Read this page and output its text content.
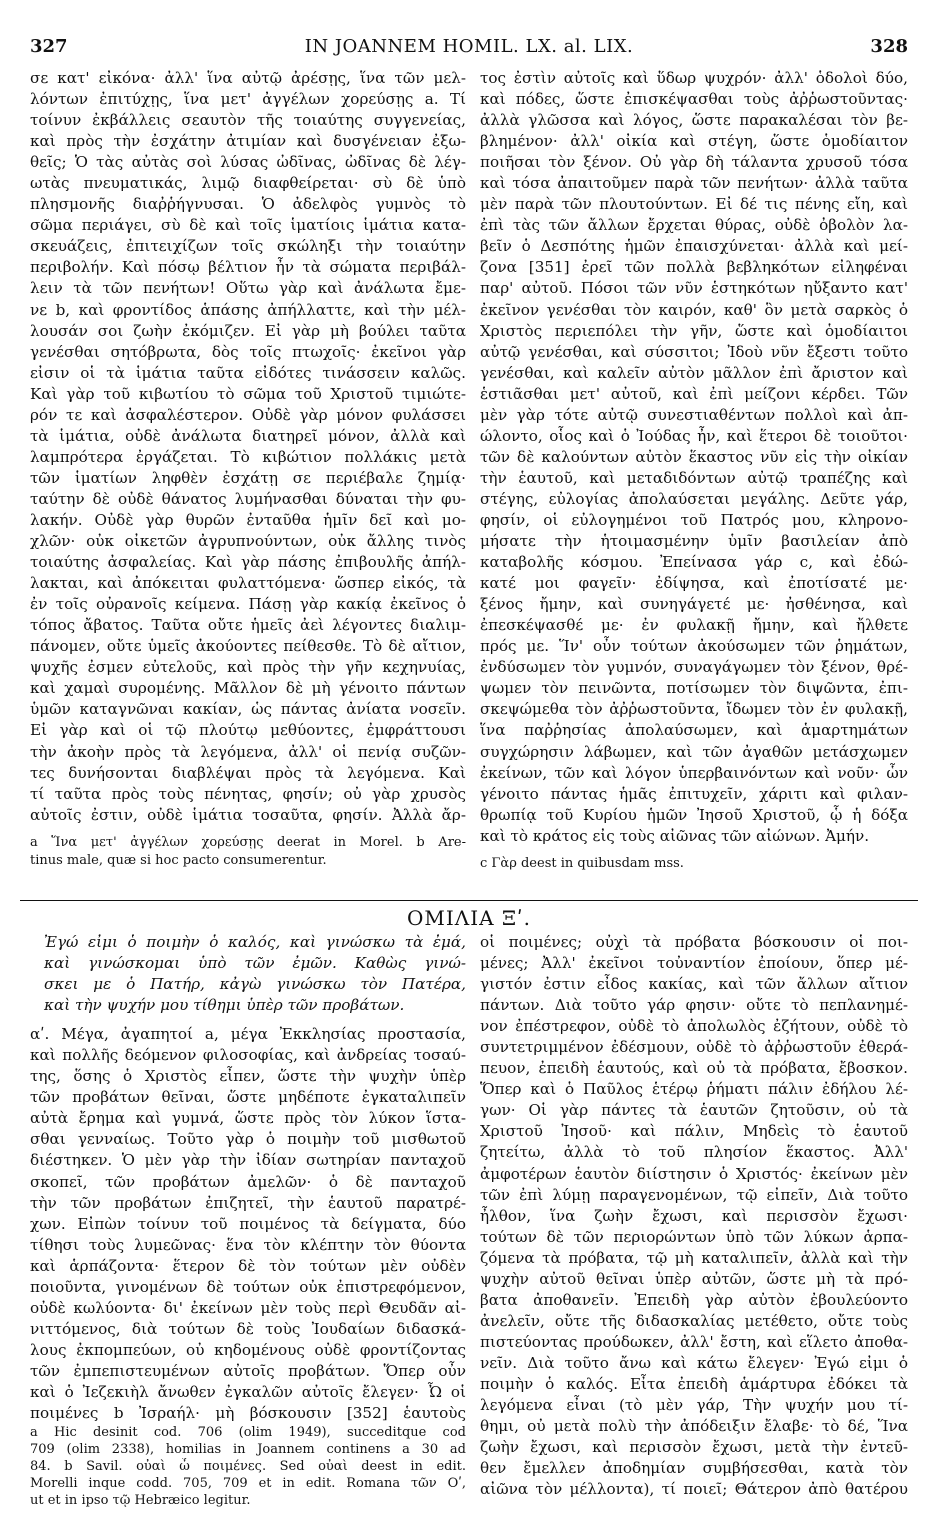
327	IN JOANNEM HOMIL. LX. al. LIX.	328

σε κατ' εἰκόνα· ἀλλ' ἵνα αὐτῷ ἀρέσῃς, ἵνα τῶν μελ-

λόντων ἐπιτύχῃς, ἵνα μετ' ἀγγέλων χορεύσῃς a. Τί

τοίνυν ἐκβάλλεις σεαυτὸν τῆς τοιαύτης συγγενείας,

καὶ πρὸς τὴν ἐσχάτην ἀτιμίαν καὶ δυσγένειαν ἐξω-

θεῖς; Ὁ τὰς αὐτὰς σοὶ λύσας ὠδῖνας, ὠδῖνας δὲ λέγ-

ωτὰς πνευματικάς, λιμῷ διαφθείρεται· σὺ δὲ ὑπὸ

πλησμονῆς διαῤῥήγνυσαι. Ὁ ἀδελφὸς γυμνὸς τὸ

σῶμα περιάγει, σὺ δὲ καὶ τοῖς ἱματίοις ἱμάτια κατα-

σκευάζεις, ἐπιτειχίζων τοῖς σκώληξι τὴν τοιαύτην

περιβολήν. Καὶ πόσῳ βέλτιον ἦν τὰ σώματα περιβάλ-

λειν τὰ τῶν πενήτων! Οὕτω γὰρ καὶ ἀνάλωτα ἔμε-

νε b, καὶ φροντίδος ἁπάσης ἀπήλλαττε, καὶ τὴν μέλ-

λουσάν σοι ζωὴν ἐκόμιζεν. Εἰ γὰρ μὴ βούλει ταῦτα

γενέσθαι σητόβρωτα, δὸς τοῖς πτωχοῖς· ἐκεῖνοι γὰρ

εἰσιν οἱ τὰ ἱμάτια ταῦτα εἰδότες τινάσσειν καλῶς.

Καὶ γὰρ τοῦ κιβωτίου τὸ σῶμα τοῦ Χριστοῦ τιμιώτε-

ρόν τε καὶ ἀσφαλέστερον. Οὐδὲ γὰρ μόνον φυλάσσει

τὰ ἱμάτια, οὐδὲ ἀνάλωτα διατηρεῖ μόνον, ἀλλὰ καὶ

λαμπρότερα ἐργάζεται. Τὸ κιβώτιον πολλάκις μετὰ

τῶν ἱματίων ληφθὲν ἐσχάτῃ σε περιέβαλε ζημίᾳ·

ταύτην δὲ οὐδὲ θάνατος λυμήνασθαι δύναται τὴν φυ-

λακήν. Οὐδὲ γὰρ θυρῶν ἐνταῦθα ἡμῖν δεῖ καὶ μο-

χλῶν· οὐκ οἰκετῶν ἀγρυπνούντων, οὐκ ἄλλης τινὸς

τοιαύτης ἀσφαλείας. Καὶ γὰρ πάσης ἐπιβουλῆς ἀπήλ-

λακται, καὶ ἀπόκειται φυλαττόμενα· ὥσπερ εἰκός, τὰ

ἐν τοῖς οὐρανοῖς κείμενα. Πάσῃ γὰρ κακίᾳ ἐκεῖνος ὁ

τόπος ἄβατος. Ταῦτα οὔτε ἡμεῖς ἀεὶ λέγοντες διαλιμ-

πάνομεν, οὔτε ὑμεῖς ἀκούοντες πείθεσθε. Τὸ δὲ αἴτιον,

ψυχῆς ἐσμεν εὐτελοῦς, καὶ πρὸς τὴν γῆν κεχηνυίας,

καὶ χαμαὶ συρομένης. Μᾶλλον δὲ μὴ γένοιτο πάντων

ὑμῶν καταγνῶναι κακίαν, ὡς πάντας ἀνίατα νοσεῖν.

Εἰ γὰρ καὶ οἱ τῷ πλούτῳ μεθύοντες, ἐμφράττουσι

τὴν ἀκοὴν πρὸς τὰ λεγόμενα, ἀλλ' οἱ πενίᾳ συζῶν-

τες δυνήσονται διαβλέψαι πρὸς τὰ λεγόμενα. Καὶ

τί ταῦτα πρὸς τοὺς πένητας, φησίν; οὐ γὰρ χρυσὸς

αὐτοῖς ἐστιν, οὐδὲ ἱμάτια τοσαῦτα, φησίν. Ἀλλὰ ἄρ-

a Ἵνα μετ' ἀγγέλων χορεύσῃς deerat in Morel. b Are-

tinus male, quæ si hoc pacto consumerentur.

τος ἐστὶν αὐτοῖς καὶ ὕδωρ ψυχρόν· ἀλλ' ὁδολοὶ δύο,

καὶ πόδες, ὥστε ἐπισκέψασθαι τοὺς ἀῤῥωστοῦντας·

ἀλλὰ γλῶσσα καὶ λόγος, ὥστε παρακαλέσαι τὸν βε-

βλημένον· ἀλλ' οἰκία καὶ στέγη, ὥστε ὁμοδίαιτον

ποιῆσαι τὸν ξένον. Οὐ γὰρ δὴ τάλαντα χρυσοῦ τόσα

καὶ τόσα ἀπαιτοῦμεν παρὰ τῶν πενήτων· ἀλλὰ ταῦτα

μὲν παρὰ τῶν πλουτούντων. Εἰ δέ τις πένης εἴη, καὶ

ἐπὶ τὰς τῶν ἄλλων ἔρχεται θύρας, οὐδὲ ὀβολὸν λα-

βεῖν ὁ Δεσπότης ἡμῶν ἐπαισχύνεται· ἀλλὰ καὶ μεί-

ζονα [351] ἐρεῖ τῶν πολλὰ βεβληκότων εἰληφέναι

παρ' αὐτοῦ. Πόσοι τῶν νῦν ἑστηκότων ηὔξαντο κατ'

ἐκεῖνον γενέσθαι τὸν καιρόν, καθ' ὃν μετὰ σαρκὸς ὁ

Χριστὸς περιεπόλει τὴν γῆν, ὥστε καὶ ὁμοδίαιτοι

αὐτῷ γενέσθαι, καὶ σύσσιτοι; Ἰδοὺ νῦν ἔξεστι τοῦτο

γενέσθαι, καὶ καλεῖν αὐτὸν μᾶλλον ἐπὶ ἄριστον καὶ

ἑστιᾶσθαι μετ' αὐτοῦ, καὶ ἐπὶ μείζονι κέρδει. Τῶν

μὲν γὰρ τότε αὐτῷ συνεστιαθέντων πολλοὶ καὶ ἀπ-

ώλοντο, οἷος καὶ ὁ Ἰούδας ἦν, καὶ ἕτεροι δὲ τοιοῦτοι·

τῶν δὲ καλούντων αὐτὸν ἕκαστος νῦν εἰς τὴν οἰκίαν

τὴν ἑαυτοῦ, καὶ μεταδιδόντων αὐτῷ τραπέζης καὶ

στέγης, εὐλογίας ἀπολαύσεται μεγάλης. Δεῦτε γάρ,

φησίν, οἱ εὐλογημένοι τοῦ Πατρός μου, κληρονο-

μήσατε τὴν ἡτοιμασμένην ὑμῖν βασιλείαν ἀπὸ

καταβολῆς κόσμου. Ἐπείνασα γάρ c, καὶ ἐδώ-

κατέ μοι φαγεῖν· ἐδίψησα, καὶ ἐποτίσατέ με·

ξένος ἤμην, καὶ συνηγάγετέ με· ἠσθένησα, καὶ

ἐπεσκέψασθέ με· ἐν φυλακῇ ἤμην, καὶ ἤλθετε

πρός με. Ἵν' οὖν τούτων ἀκούσωμεν τῶν ῥημάτων,

ἐνδύσωμεν τὸν γυμνόν, συναγάγωμεν τὸν ξένον, θρέ-

ψωμεν τὸν πεινῶντα, ποτίσωμεν τὸν διψῶντα, ἐπι-

σκεψώμεθα τὸν ἀῤῥωστοῦντα, ἴδωμεν τὸν ἐν φυλακῇ,

ἵνα παῤῥησίας ἀπολαύσωμεν, καὶ ἁμαρτημάτων

συγχώρησιν λάβωμεν, καὶ τῶν ἀγαθῶν μετάσχωμεν

ἐκείνων, τῶν καὶ λόγον ὑπερβαινόντων καὶ νοῦν· ὧν

γένοιτο πάντας ἡμᾶς ἐπιτυχεῖν, χάριτι καὶ φιλαν-

θρωπίᾳ τοῦ Κυρίου ἡμῶν Ἰησοῦ Χριστοῦ, ᾧ ἡ δόξα

καὶ τὸ κράτος εἰς τοὺς αἰῶνας τῶν αἰώνων. Ἀμήν.

c Γὰρ deest in quibusdam mss.

ΟΜΙΛΙΑ Ξʹ.

Ἐγώ εἰμι ὁ ποιμὴν ὁ καλός, καὶ γινώσκω τὰ ἐμά,

καὶ γινώσκομαι ὑπὸ τῶν ἐμῶν. Καθὼς γινώ-

σκει με ὁ Πατήρ, κἀγὼ γινώσκω τὸν Πατέρα,

καὶ τὴν ψυχήν μου τίθημι ὑπὲρ τῶν προβάτων.

αʹ. Μέγα, ἀγαπητοί a, μέγα Ἐκκλησίας προστασία,

καὶ πολλῆς δεόμενον φιλοσοφίας, καὶ ἀνδρείας τοσαύ-

της, ὅσης ὁ Χριστὸς εἶπεν, ὥστε τὴν ψυχὴν ὑπὲρ

τῶν προβάτων θεῖναι, ὥστε μηδέποτε ἐγκαταλιπεῖν

αὐτὰ ἔρημα καὶ γυμνά, ὥστε πρὸς τὸν λύκον ἵστα-

σθαι γενναίως. Τοῦτο γὰρ ὁ ποιμὴν τοῦ μισθωτοῦ

διέστηκεν. Ὁ μὲν γὰρ τὴν ἰδίαν σωτηρίαν πανταχοῦ

σκοπεῖ, τῶν προβάτων ἀμελῶν· ὁ δὲ πανταχοῦ

τὴν τῶν προβάτων ἐπιζητεῖ, τὴν ἑαυτοῦ παρατρέ-

χων. Εἰπὼν τοίνυν τοῦ ποιμένος τὰ δείγματα, δύο

τίθησι τοὺς λυμεῶνας· ἕνα τὸν κλέπτην τὸν θύοντα

καὶ ἁρπάζοντα· ἕτερον δὲ τὸν τούτων μὲν οὐδὲν

ποιοῦντα, γινομένων δὲ τούτων οὐκ ἐπιστρεφόμενον,

οὐδὲ κωλύοντα· δι' ἐκείνων μὲν τοὺς περὶ Θευδᾶν αἰ-

νιττόμενος, διὰ τούτων δὲ τοὺς Ἰουδαίων διδασκά-

λους ἐκπομπεύων, οὐ κηδομένους οὐδὲ φροντίζοντας

τῶν ἐμπεπιστευμένων αὐτοῖς προβάτων. Ὅπερ οὖν

καὶ ὁ Ἰεζεκιὴλ ἄνωθεν ἐγκαλῶν αὐτοῖς ἔλεγεν· Ὦ οἱ

ποιμένες b Ἰσραήλ· μὴ βόσκουσιν [352] ἑαυτοὺς

a Hic desinit cod. 706 (olim 1949), succeditque cod

709 (olim 2338), homilias in Joannem continens a 30 ad

84. b Savil. οὐαὶ ὦ ποιμένες. Sed οὐαὶ deest in edit.

Morelli inque codd. 705, 709 et in edit. Romana τῶν Οʹ,

ut et in ipso τῷ Hebræico legitur.

οἱ ποιμένες; οὐχὶ τὰ πρόβατα βόσκουσιν οἱ ποι-

μένες; Ἀλλ' ἐκεῖνοι τοὐναντίον ἐποίουν, ὅπερ μέ-

γιστόν ἐστιν εἶδος κακίας, καὶ τῶν ἄλλων αἴτιον

πάντων. Διὰ τοῦτο γάρ φησιν· οὔτε τὸ πεπλανημέ-

νον ἐπέστρεφον, οὐδὲ τὸ ἀπολωλὸς ἐζήτουν, οὐδὲ τὸ

συντετριμμένον ἐδέσμουν, οὐδὲ τὸ ἀῤῥωστοῦν ἐθερά-

πευον, ἐπειδὴ ἑαυτούς, καὶ οὐ τὰ πρόβατα, ἔβοσκον.

Ὅπερ καὶ ὁ Παῦλος ἑτέρῳ ῥήματι πάλιν ἐδήλου λέ-

γων· Οἱ γὰρ πάντες τὰ ἑαυτῶν ζητοῦσιν, οὐ τὰ

Χριστοῦ Ἰησοῦ· καὶ πάλιν, Μηδεὶς τὸ ἑαυτοῦ

ζητείτω, ἀλλὰ τὸ τοῦ πλησίον ἕκαστος. Ἀλλ'

ἀμφοτέρων ἑαυτὸν διίστησιν ὁ Χριστός· ἐκείνων μὲν

τῶν ἐπὶ λύμῃ παραγενομένων, τῷ εἰπεῖν, Διὰ τοῦτο

ἦλθον, ἵνα ζωὴν ἔχωσι, καὶ περισσὸν ἔχωσι·

τούτων δὲ τῶν περιορώντων ὑπὸ τῶν λύκων ἁρπα-

ζόμενα τὰ πρόβατα, τῷ μὴ καταλιπεῖν, ἀλλὰ καὶ τὴν

ψυχὴν αὐτοῦ θεῖναι ὑπὲρ αὐτῶν, ὥστε μὴ τὰ πρό-

βατα ἀποθανεῖν. Ἐπειδὴ γὰρ αὐτὸν ἐβουλεύοντο

ἀνελεῖν, οὔτε τῆς διδασκαλίας μετέθετο, οὔτε τοὺς

πιστεύοντας προύδωκεν, ἀλλ' ἔστη, καὶ εἵλετο ἀποθα-

νεῖν. Διὰ τοῦτο ἄνω καὶ κάτω ἔλεγεν· Ἐγώ εἰμι ὁ

ποιμὴν ὁ καλός. Εἶτα ἐπειδὴ ἁμάρτυρα ἐδόκει τὰ

λεγόμενα εἶναι (τὸ μὲν γάρ, Τὴν ψυχήν μου τί-

θημι, οὐ μετὰ πολὺ τὴν ἀπόδειξιν ἔλαβε· τὸ δέ, Ἵνα

ζωὴν ἔχωσι, καὶ περισσὸν ἔχωσι, μετὰ τὴν ἐντεῦ-

θεν ἔμελλεν ἀποδημίαν συμβήσεσθαι, κατὰ τὸν

αἰῶνα τὸν μέλλοντα), τί ποιεῖ; Θάτερον ἀπὸ θατέρου
